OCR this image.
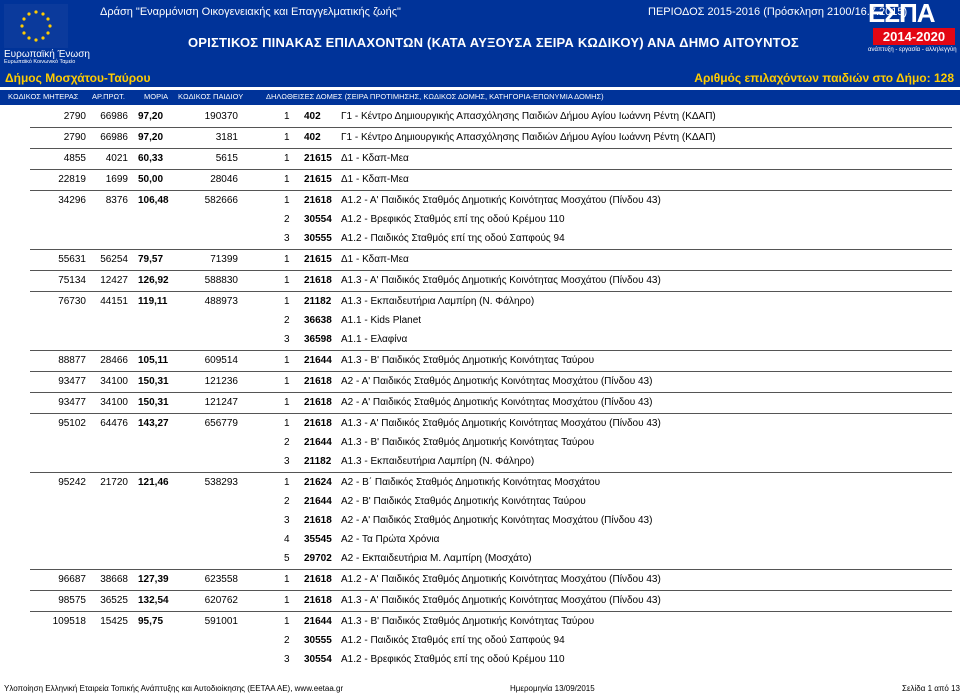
Ευρωπαϊκή Ένωση
Ευρωπαϊκό Κοινωνικό Ταμείο
Δράση "Εναρμόνιση Οικογενειακής και Επαγγελματικής ζωής"	ΠΕΡΙΟΔΟΣ 2015-2016 (Πρόσκληση 2100/16.7.2015)
ΟΡΙΣΤΙΚΟΣ ΠΙΝΑΚΑΣ ΕΠΙΛΑΧΟΝΤΩΝ (ΚΑΤΑ ΑΥΞΟΥΣΑ ΣΕΙΡΑ ΚΩΔΙΚΟΥ) ΑΝΑ ΔΗΜΟ ΑΙΤΟΥΝΤΟΣ
ΕΣΠΑ
2014-2020
ανάπτυξη - εργασία - αλληλεγγύη
Δήμος Μοσχάτου-Ταύρου	Αριθμός επιλαχόντων παιδιών στο Δήμο: 128
ΚΩΔΙΚΟΣ ΜΗΤΕΡΑΣ ΑΡ.ΠΡΩΤ.	ΜΟΡΙΑ ΚΩΔΙΚΟΣ ΠΑΙΔΙΟΥ	ΔΗΛΩΘΕΙΣΕΣ ΔΟΜΕΣ (ΣΕΙΡΑ ΠΡΟΤΙΜΗΣΗΣ, ΚΩΔΙΚΟΣ ΔΟΜΗΣ, ΚΑΤΗΓΟΡΙΑ-ΕΠΩΝΥΜΙΑ ΔΟΜΗΣ)
2790	66986 97,20	190370	1 402 Γ1 - Κέντρο Δημιουργικής Απασχόλησης Παιδιών Δήμου Αγίου Ιωάννη Ρέντη (ΚΔΑΠ)
2790	66986 97,20	3181	1 402 Γ1 - Κέντρο Δημιουργικής Απασχόλησης Παιδιών Δήμου Αγίου Ιωάννη Ρέντη (ΚΔΑΠ)
4855	4021 60,33	5615	1 21615 Δ1 - Κδαπ-Μεα
22819	1699 50,00	28046	1 21615 Δ1 - Κδαπ-Μεα
34296	8376 106,48	582666	1 21618 Α1.2 - Α' Παιδικός Σταθμός Δημοτικής Κοινότητας Μοσχάτου (Πίνδου 43)
2 30554 Α1.2 - Βρεφικός Σταθμός επί της οδού Κρέμου 110
3 30555 Α1.2 - Παιδικός Σταθμός επί της οδού Σαπφούς 94
55631	56254 79,57	71399	1 21615 Δ1 - Κδαπ-Μεα
75134	12427 126,92	588830	1 21618 Α1.3 - Α' Παιδικός Σταθμός Δημοτικής Κοινότητας Μοσχάτου (Πίνδου 43)
76730	44151 119,11	488973	1 21182 Α1.3 - Εκπαιδευτήρια Λαμπίρη (Ν. Φάληρο)
2 36638 Α1.1 - Kids Planet
3 36598 Α1.1 - Ελαφίνα
88877	28466 105,11	609514	1 21644 Α1.3 - Β' Παιδικός Σταθμός Δημοτικής Κοινότητας Ταύρου
93477	34100 150,31	121236	1 21618 Α2 - Α' Παιδικός Σταθμός Δημοτικής Κοινότητας Μοσχάτου (Πίνδου 43)
93477	34100 150,31	121247	1 21618 Α2 - Α' Παιδικός Σταθμός Δημοτικής Κοινότητας Μοσχάτου (Πίνδου 43)
95102	64476 143,27	656779	1 21618 Α1.3 - Α' Παιδικός Σταθμός Δημοτικής Κοινότητας Μοσχάτου (Πίνδου 43)
2 21644 Α1.3 - Β' Παιδικός Σταθμός Δημοτικής Κοινότητας Ταύρου
3 21182 Α1.3 - Εκπαιδευτήρια Λαμπίρη (Ν. Φάληρο)
95242	21720 121,46	538293	1 21624 Α2 - Β΄ Παιδικός Σταθμός Δημοτικής Κοινότητας Μοσχάτου
2 21644 Α2 - Β' Παιδικός Σταθμός Δημοτικής Κοινότητας Ταύρου
3 21618 Α2 - Α' Παιδικός Σταθμός Δημοτικής Κοινότητας Μοσχάτου (Πίνδου 43)
4 35545 Α2 - Τα Πρώτα Χρόνια
5 29702 Α2 - Εκπαιδευτήρια Μ. Λαμπίρη (Μοσχάτο)
96687	38668 127,39	623558	1 21618 Α1.2 - Α' Παιδικός Σταθμός Δημοτικής Κοινότητας Μοσχάτου (Πίνδου 43)
98575	36525 132,54	620762	1 21618 Α1.3 - Α' Παιδικός Σταθμός Δημοτικής Κοινότητας Μοσχάτου (Πίνδου 43)
109518	15425 95,75	591001	1 21644 Α1.3 - Β' Παιδικός Σταθμός Δημοτικής Κοινότητας Ταύρου
2 30555 Α1.2 - Παιδικός Σταθμός επί της οδού Σαπφούς 94
3 30554 Α1.2 - Βρεφικός Σταθμός επί της οδού Κρέμου 110
Υλοποίηση Ελληνική Εταιρεία Τοπικής Ανάπτυξης και Αυτοδιοίκησης (ΕΕΤΑΑ ΑΕ), www.eetaa.gr	Ημερομηνία 13/09/2015	Σελίδα 1 από 13
